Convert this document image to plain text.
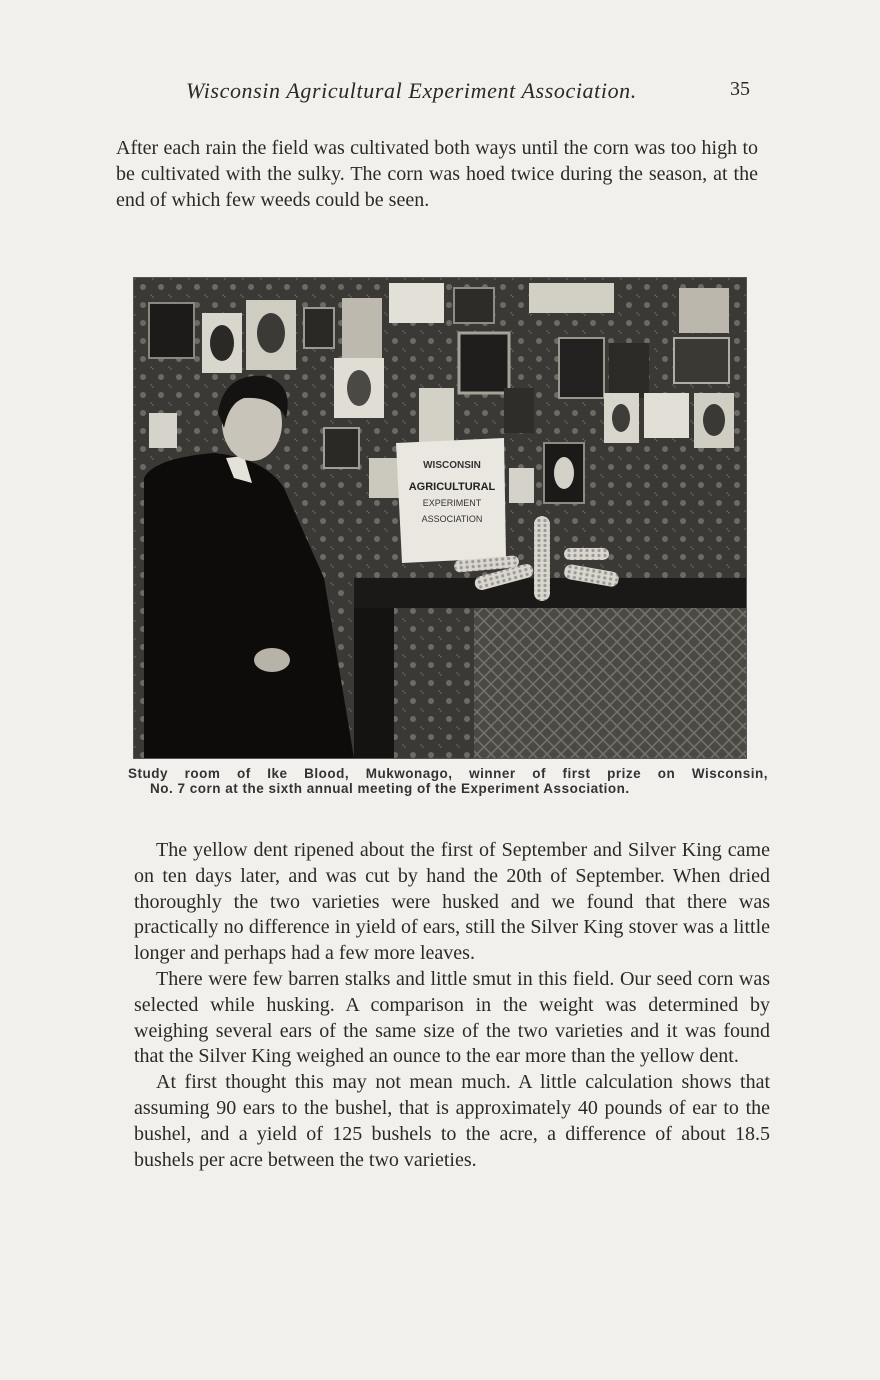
Wisconsin Agricultural Experiment Association.	35

After each rain the field was cultivated both ways until the corn was too high to be cultivated with the sulky. The corn was hoed twice during the season, at the end of which few weeds could be seen.

WISCONSIN
AGRICULTURAL
EXPERIMENT
ASSOCIATION

Study room of Ike Blood, Mukwonago, winner of first prize on Wisconsin,

No. 7 corn at the sixth annual meeting of the Experiment Association.

The yellow dent ripened about the first of September and Silver King came on ten days later, and was cut by hand the 20th of September. When dried thoroughly the two varieties were husked and we found that there was practically no difference in yield of ears, still the Silver King stover was a little longer and perhaps had a few more leaves.

There were few barren stalks and little smut in this field. Our seed corn was selected while husking. A comparison in the weight was determined by weighing several ears of the same size of the two varieties and it was found that the Silver King weighed an ounce to the ear more than the yellow dent.

At first thought this may not mean much. A little calculation shows that assuming 90 ears to the bushel, that is approximately 40 pounds of ear to the bushel, and a yield of 125 bushels to the acre, a difference of about 18.5 bushels per acre between the two varieties.
